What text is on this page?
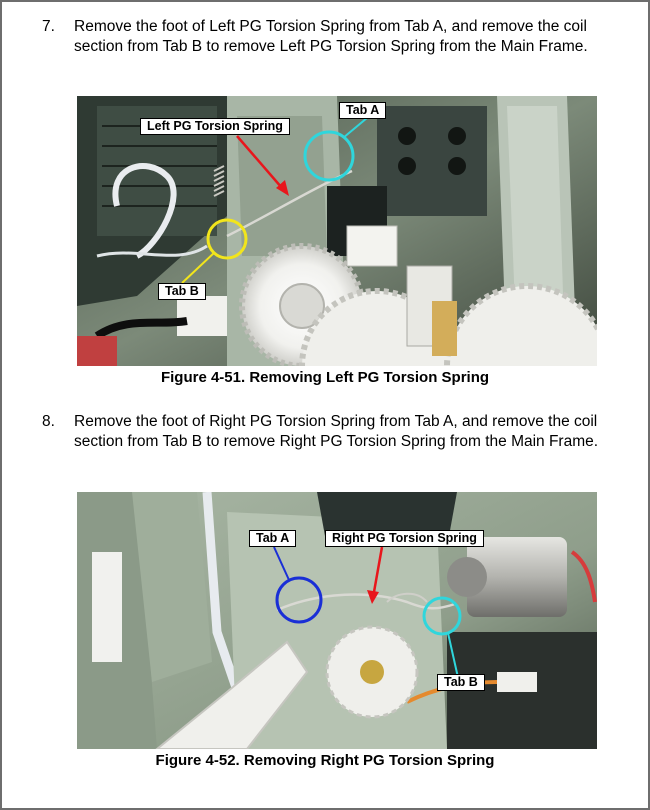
7. Remove the foot of Left PG Torsion Spring from Tab A, and remove the coil section from Tab B to remove Left PG Torsion Spring from the Main Frame.
Left PG Torsion Spring
Tab A
Tab B
Figure 4-51. Removing Left PG Torsion Spring
8. Remove the foot of Right PG Torsion Spring from Tab A, and remove the coil section from Tab B to remove Right PG Torsion Spring from the Main Frame.
Tab A	Right PG Torsion Spring
Tab B
Figure 4-52. Removing Right PG Torsion Spring
